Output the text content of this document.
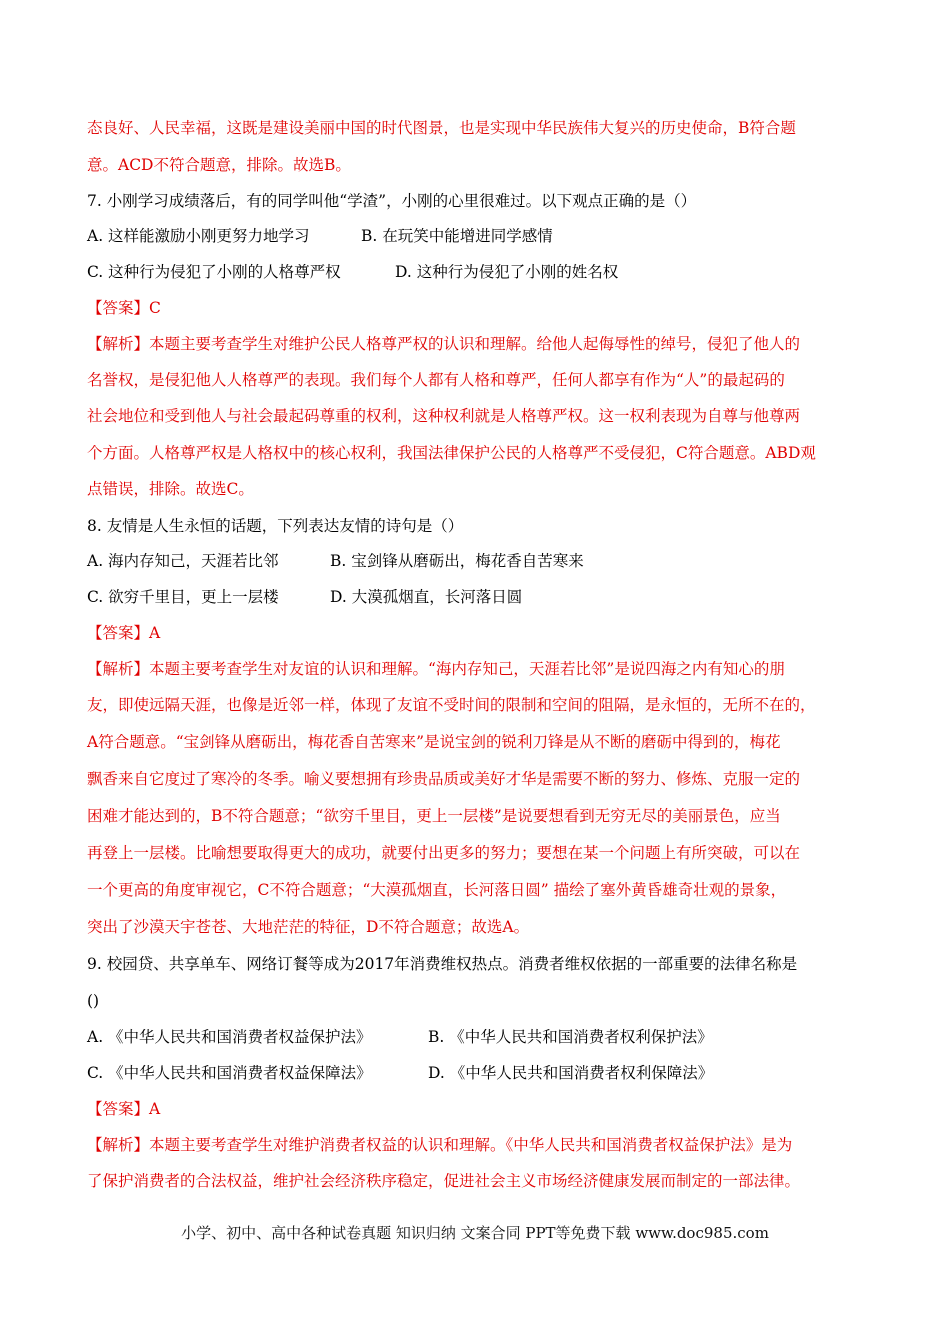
态良好、人民幸福，这既是建设美丽中国的时代图景，也是实现中华民族伟大复兴的历史使命，B符合题
意。ACD不符合题意，排除。故选B。
7. 小刚学习成绩落后，有的同学叫他“学渣”，小刚的心里很难过。以下观点正确的是（）
A. 这样能激励小刚更努力地学习	B. 在玩笑中能增进同学感情
C. 这种行为侵犯了小刚的人格尊严权	D. 这种行为侵犯了小刚的姓名权
【答案】C
【解析】本题主要考查学生对维护公民人格尊严权的认识和理解。给他人起侮辱性的绰号，侵犯了他人的
名誉权，是侵犯他人人格尊严的表现。我们每个人都有人格和尊严，任何人都享有作为“人”的最起码的
社会地位和受到他人与社会最起码尊重的权利，这种权利就是人格尊严权。这一权利表现为自尊与他尊两
个方面。人格尊严权是人格权中的核心权利，我国法律保护公民的人格尊严不受侵犯，C符合题意。ABD观
点错误，排除。故选C。
8. 友情是人生永恒的话题，下列表达友情的诗句是（）
A. 海内存知己，天涯若比邻	B. 宝剑锋从磨砺出，梅花香自苦寒来
C. 欲穷千里目，更上一层楼	D. 大漠孤烟直，长河落日圆
【答案】A
【解析】本题主要考查学生对友谊的认识和理解。“海内存知己，天涯若比邻”是说四海之内有知心的朋
友，即使远隔天涯，也像是近邻一样，体现了友谊不受时间的限制和空间的阻隔，是永恒的，无所不在的，
A符合题意。“宝剑锋从磨砺出，梅花香自苦寒来”是说宝剑的锐利刀锋是从不断的磨砺中得到的，梅花
飘香来自它度过了寒冷的冬季。喻义要想拥有珍贵品质或美好才华是需要不断的努力、修炼、克服一定的
困难才能达到的，B不符合题意；“欲穷千里目，更上一层楼”是说要想看到无穷无尽的美丽景色，应当
再登上一层楼。比喻想要取得更大的成功，就要付出更多的努力；要想在某一个问题上有所突破，可以在
一个更高的角度审视它，C不符合题意；“大漠孤烟直，长河落日圆” 描绘了塞外黄昏雄奇壮观的景象，
突出了沙漠天宇苍苍、大地茫茫的特征，D不符合题意；故选A。
9. 校园贷、共享单车、网络订餐等成为2017年消费维权热点。消费者维权依据的一部重要的法律名称是
()
A. 《中华人民共和国消费者权益保护法》	B. 《中华人民共和国消费者权利保护法》
C. 《中华人民共和国消费者权益保障法》	D. 《中华人民共和国消费者权利保障法》
【答案】A
【解析】本题主要考查学生对维护消费者权益的认识和理解。《中华人民共和国消费者权益保护法》是为
了保护消费者的合法权益，维护社会经济秩序稳定，促进社会主义市场经济健康发展而制定的一部法律。
小学、初中、高中各种试卷真题 知识归纳 文案合同 PPT等免费下载 www.doc985.com
